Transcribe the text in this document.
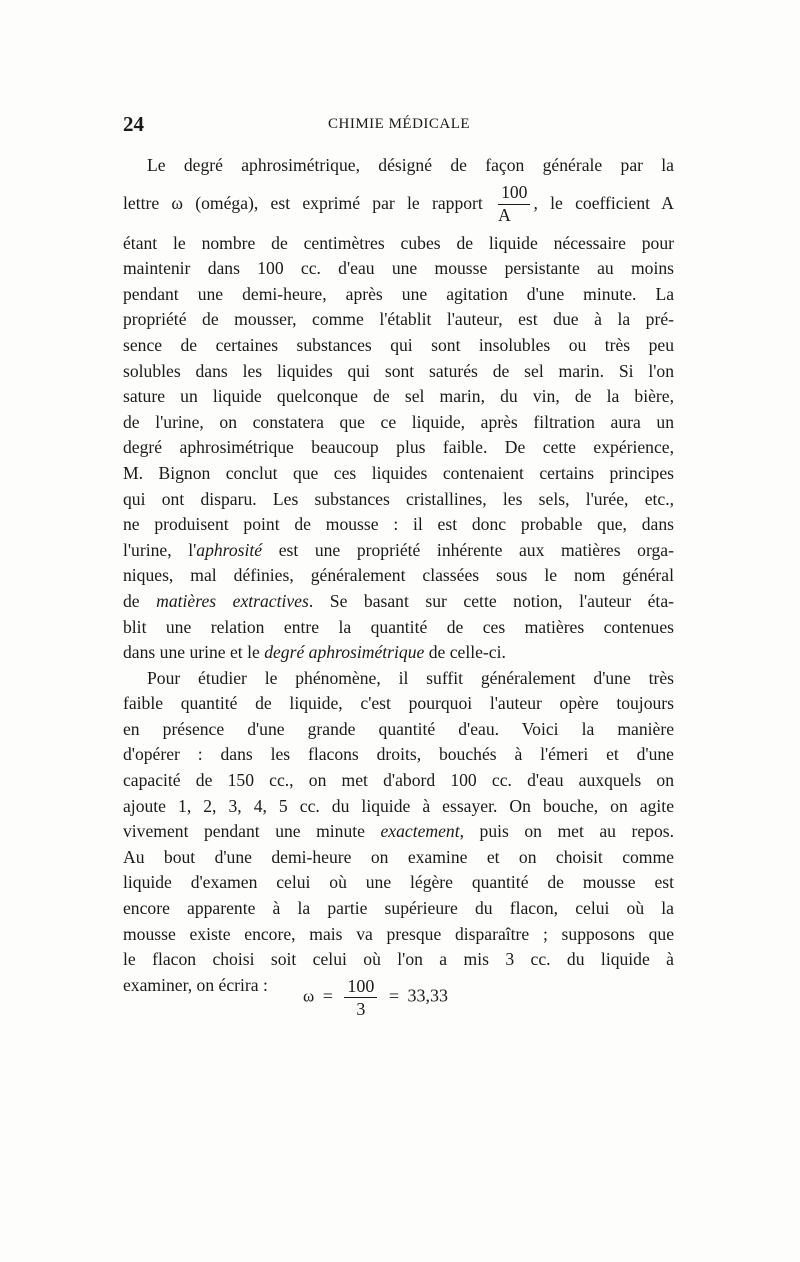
24	CHIMIE MÉDICALE
Le degré aphrosimétrique, désigné de façon générale par la
lettre ω (oméga), est exprimé par le rapport $\frac{100}{A}$ , le coefficient A
étant le nombre de centimètres cubes de liquide nécessaire pour
maintenir dans 100 cc. d'eau une mousse persistante au moins
pendant une demi-heure, après une agitation d'une minute. La
propriété de mousser, comme l'établit l'auteur, est due à la pré-
sence de certaines substances qui sont insolubles ou très peu
solubles dans les liquides qui sont saturés de sel marin. Si l'on
sature un liquide quelconque de sel marin, du vin, de la bière,
de l'urine, on constatera que ce liquide, après filtration aura un
degré aphrosimétrique beaucoup plus faible. De cette expérience,
M. Bignon conclut que ces liquides contenaient certains principes
qui ont disparu. Les substances cristallines, les sels, l'urée, etc.,
ne produisent point de mousse : il est donc probable que, dans
l'urine, l'aphrosité est une propriété inhérente aux matières orga-
niques, mal définies, généralement classées sous le nom général
de matières extractives. Se basant sur cette notion, l'auteur éta-
blit une relation entre la quantité de ces matières contenues
dans une urine et le degré aphrosimétrique de celle-ci.
Pour étudier le phénomène, il suffit généralement d'une très
faible quantité de liquide, c'est pourquoi l'auteur opère toujours
en présence d'une grande quantité d'eau. Voici la manière
d'opérer : dans les flacons droits, bouchés à l'émeri et d'une
capacité de 150 cc., on met d'abord 100 cc. d'eau auxquels on
ajoute 1, 2, 3, 4, 5 cc. du liquide à essayer. On bouche, on agite
vivement pendant une minute exactement, puis on met au repos.
Au bout d'une demi-heure on examine et on choisit comme
liquide d'examen celui où une légère quantité de mousse est
encore apparente à la partie supérieure du flacon, celui où la
mousse existe encore, mais va presque disparaître ; supposons que
le flacon choisi soit celui où l'on a mis 3 cc. du liquide à
examiner, on écrira :
$\omega = \frac{100}{3} = 33,33$
